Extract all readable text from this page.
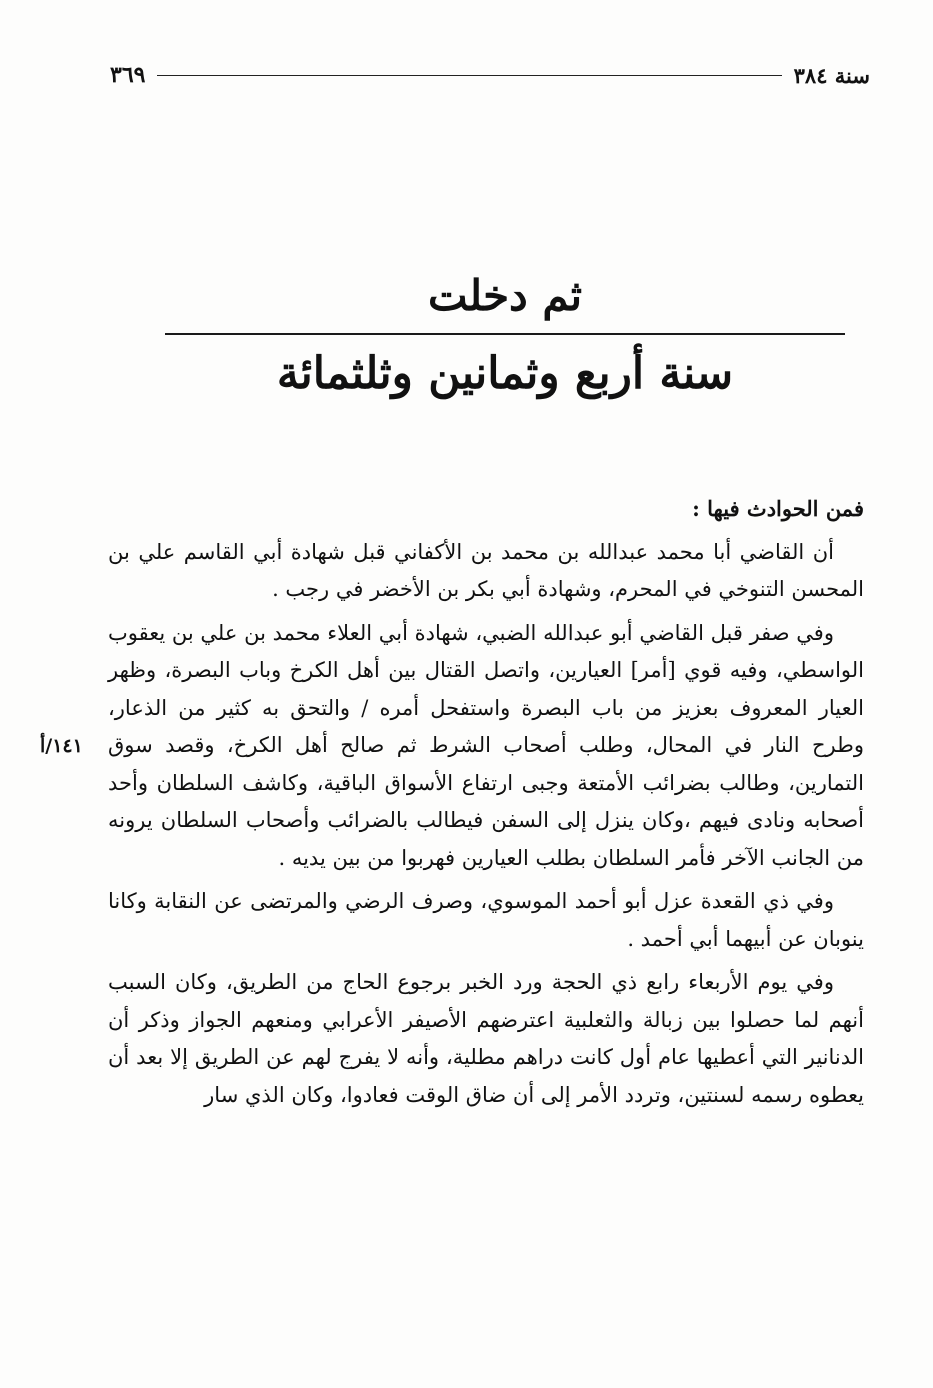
سنة ٣٨٤
٣٦٩
ثم دخلت
سنة أربع وثمانين وثلثمائة
١٤١/أ

فمن الحوادث فيها :

أن القاضي أبا محمد عبدالله بن محمد بن الأكفاني قبل شهادة أبي القاسم علي بن المحسن التنوخي في المحرم، وشهادة أبي بكر بن الأخضر في رجب .

وفي صفر قبل القاضي أبو عبدالله الضبي، شهادة أبي العلاء محمد بن علي بن يعقوب الواسطي، وفيه قوي [أمر] العيارين، واتصل القتال بين أهل الكرخ وباب البصرة، وظهر العيار المعروف بعزيز من باب البصرة واستفحل أمره / والتحق به كثير من الذعار، وطرح النار في المحال، وطلب أصحاب الشرط ثم صالح أهل الكرخ، وقصد سوق التمارين، وطالب بضرائب الأمتعة وجبى ارتفاع الأسواق الباقية، وكاشف السلطان وأحد أصحابه ونادى فيهم ،وكان ينزل إلى السفن فيطالب بالضرائب وأصحاب السلطان يرونه من الجانب الآخر فأمر السلطان بطلب العيارين فهربوا من بين يديه .

وفي ذي القعدة عزل أبو أحمد الموسوي، وصرف الرضي والمرتضى عن النقابة وكانا ينوبان عن أبيهما أبي أحمد .

وفي يوم الأربعاء رابع ذي الحجة ورد الخبر برجوع الحاج من الطريق، وكان السبب أنهم لما حصلوا بين زبالة والثعلبية اعترضهم الأصيفر الأعرابي ومنعهم الجواز وذكر أن الدنانير التي أعطيها عام أول كانت دراهم مطلية، وأنه لا يفرج لهم عن الطريق إلا بعد أن يعطوه رسمه لسنتين، وتردد الأمر إلى أن ضاق الوقت فعادوا، وكان الذي سار
